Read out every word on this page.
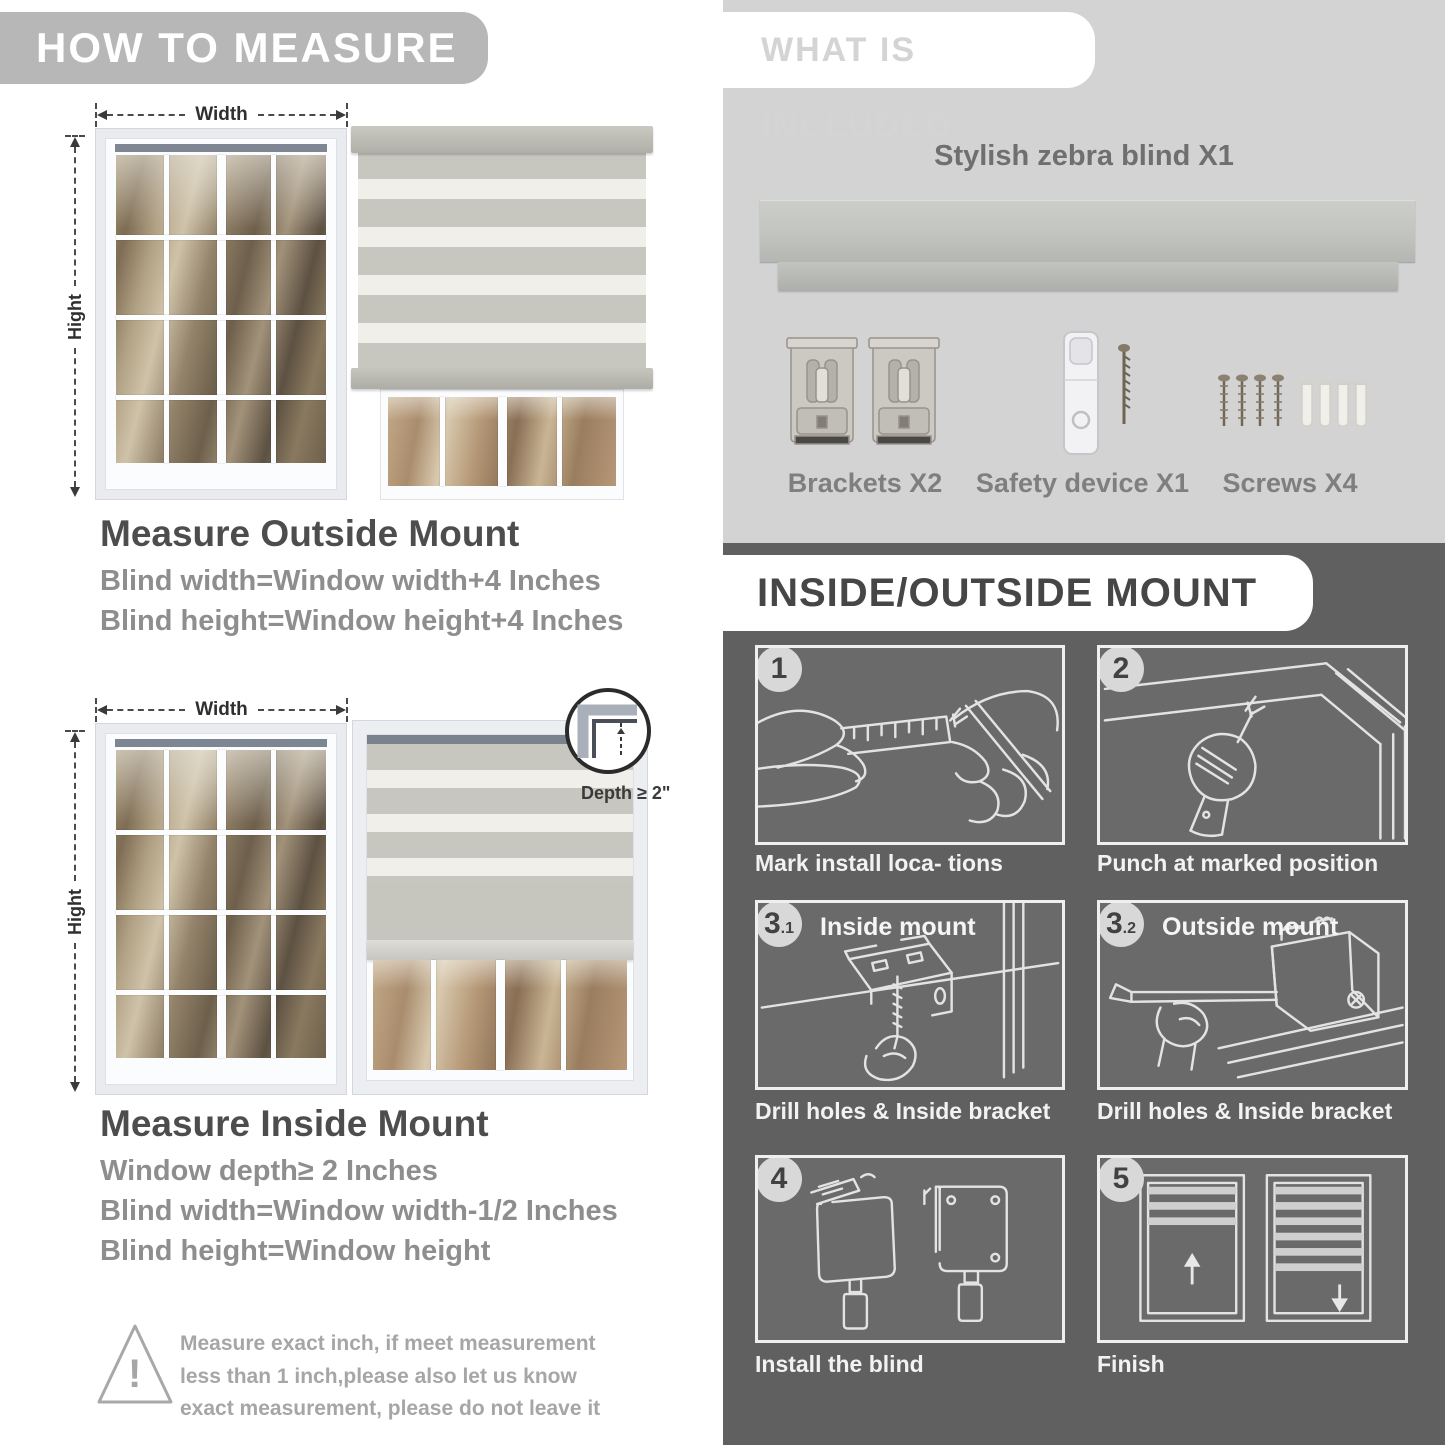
HOW TO MEASURE
Width
Hight
Measure Outside Mount
Blind width=Window width+4 Inches
Blind height=Window height+4 Inches
Width
Hight
Depth ≥ 2"
Measure Inside Mount
Window depth≥ 2 Inches
Blind width=Window width-1/2 Inches
Blind height=Window height
!
Measure exact inch, if meet measurement less than 1 inch,please also let us know exact measurement, please do not leave it
WHAT IS INCLUDED
Stylish zebra blind X1
Brackets X2	Safety device X1	Screws X4
INSIDE/OUTSIDE MOUNT
1
Mark install loca- tions
2
Punch at marked position
3 .1 Inside mount
Drill holes & Inside bracket
3 .2 Outside mount
Drill holes & Inside bracket
4
Install the blind
5
Finish
